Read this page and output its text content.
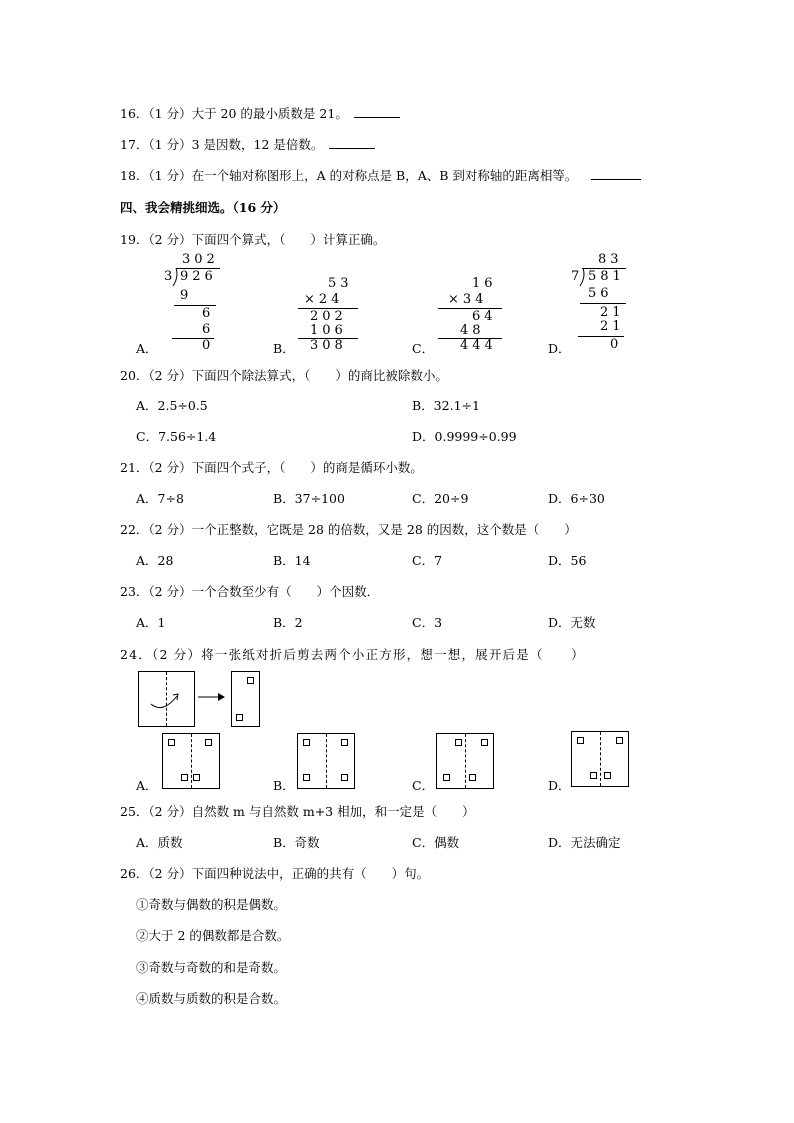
16．（1 分）大于 20 的最小质数是 21。
17．（1 分）3 是因数，12 是倍数。
18．（1 分）在一个轴对称图形上，A 的对称点是 B，A、B 到对称轴的距离相等。
四、我会精挑细选。（16 分）
19．（2 分）下面四个算式，（　　）计算正确。
302
3 926
9
6
6
A．	0
53
×24
202
106
308
B．
16
×34
64
48
444
C．
83
7 581
56
21
21
D．	0
20．（2 分）下面四个除法算式，（　　）的商比被除数小。
A．2.5÷0.5	B．32.1÷1
C．7.56÷1.4	D．0.9999÷0.99
21．（2 分）下面四个式子，（　　）的商是循环小数。
A．7÷8	B．37÷100	C．20÷9	D．6÷30
22．（2 分）一个正整数，它既是 28 的倍数，又是 28 的因数，这个数是（　　）
A．28	B．14	C．7	D．56
23．（2 分）一个合数至少有（　　）个因数．
A．1	B．2	C．3	D．无数
24．（2 分）将一张纸对折后剪去两个小正方形，想一想，展开后是（　　）
A．	B．	C．	D．
25．（2 分）自然数 m 与自然数 m+3 相加，和一定是（　　）
A．质数	B．奇数	C．偶数	D．无法确定
26．（2 分）下面四种说法中，正确的共有（　　）句。
①奇数与偶数的积是偶数。
②大于 2 的偶数都是合数。
③奇数与奇数的和是奇数。
④质数与质数的积是合数。
